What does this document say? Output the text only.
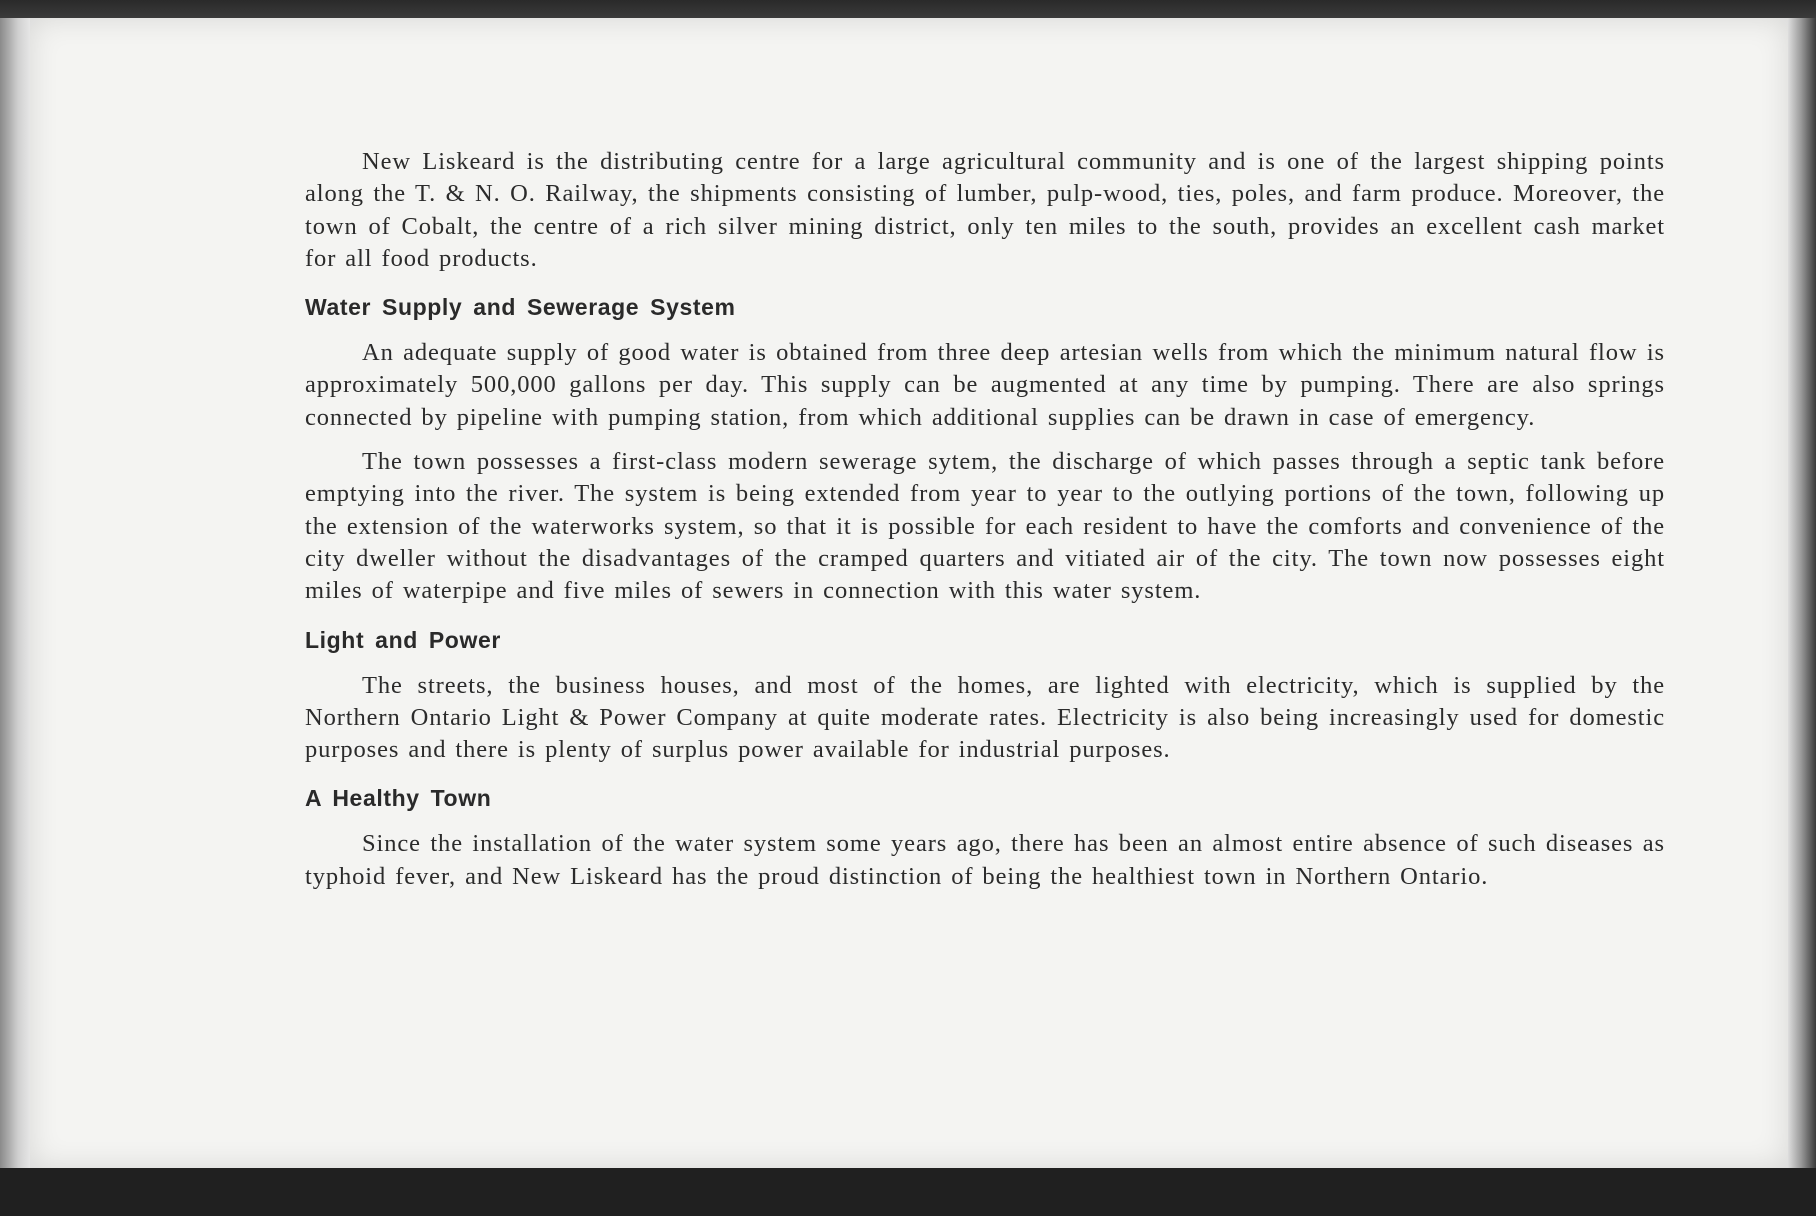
New Liskeard is the distributing centre for a large agricultural community and is one of the largest shipping points along the T. & N. O. Railway, the shipments consisting of lumber, pulp-wood, ties, poles, and farm produce. Moreover, the town of Cobalt, the centre of a rich silver mining district, only ten miles to the south, provides an excellent cash market for all food products.

Water Supply and Sewerage System

An adequate supply of good water is obtained from three deep artesian wells from which the minimum natural flow is approximately 500,000 gallons per day. This supply can be augmented at any time by pumping. There are also springs connected by pipeline with pumping station, from which additional supplies can be drawn in case of emergency.

The town possesses a first-class modern sewerage sytem, the discharge of which passes through a septic tank before emptying into the river. The system is being extended from year to year to the outlying portions of the town, following up the extension of the waterworks system, so that it is possible for each resident to have the comforts and convenience of the city dweller without the disadvantages of the cramped quarters and vitiated air of the city. The town now possesses eight miles of waterpipe and five miles of sewers in connection with this water system.

Light and Power

The streets, the business houses, and most of the homes, are lighted with electricity, which is supplied by the Northern Ontario Light & Power Company at quite moderate rates. Electricity is also being increasingly used for domestic purposes and there is plenty of surplus power available for industrial purposes.

A Healthy Town

Since the installation of the water system some years ago, there has been an almost entire absence of such diseases as typhoid fever, and New Liskeard has the proud distinction of being the healthiest town in Northern Ontario.
